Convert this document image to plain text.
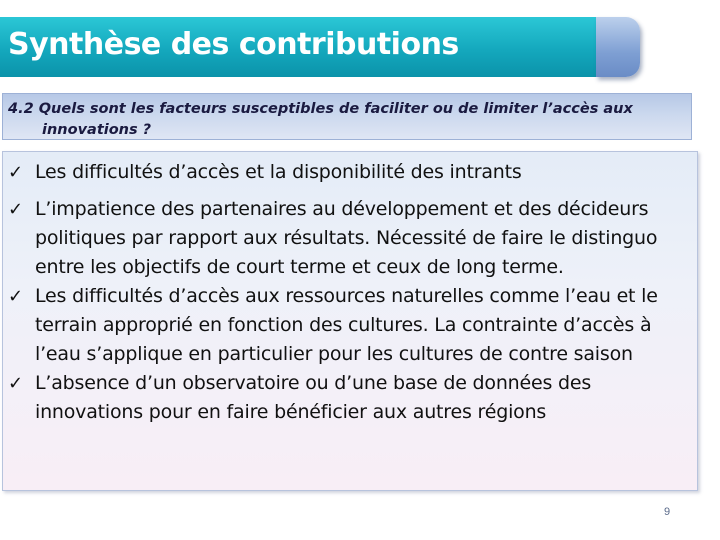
Synthèse des contributions

4.2 Quels sont les facteurs susceptibles de faciliter ou de limiter l’accès aux
innovations ?

✓ Les difficultés d’accès et la disponibilité des intrants
✓ L’impatience des partenaires au développement et des décideurs politiques par rapport aux résultats. Nécessité de faire le distinguo entre les objectifs de court terme et ceux de long terme.
✓ Les difficultés d’accès aux ressources naturelles comme l’eau et le terrain approprié en fonction des cultures. La contrainte d’accès à l’eau s’applique en particulier pour les cultures de contre saison
✓ L’absence d’un observatoire ou d’une base de données des innovations pour en faire bénéficier aux autres régions

9
